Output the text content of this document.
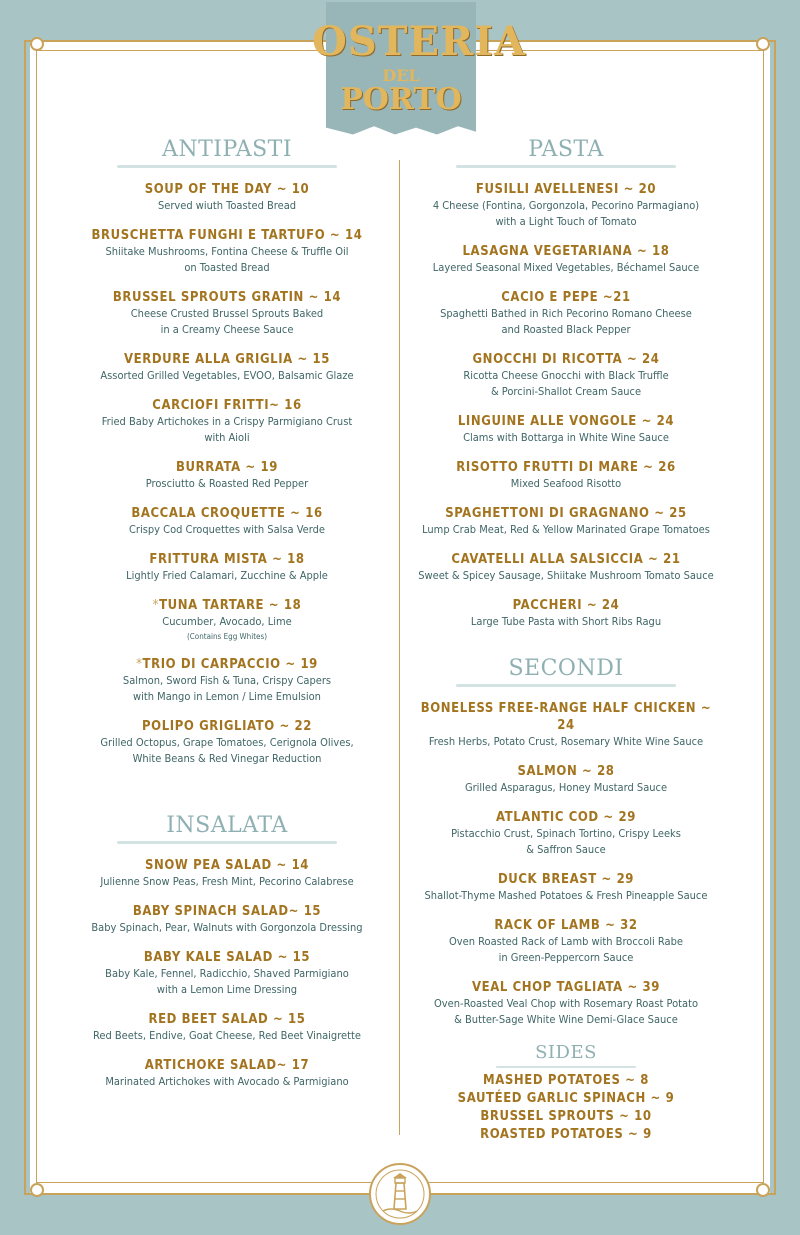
OSTERIA
DEL
PORTO
ANTIPASTI
SOUP OF THE DAY ~ 10
Served wiuth Toasted Bread
BRUSCHETTA FUNGHI E TARTUFO ~ 14
Shiitake Mushrooms, Fontina Cheese & Truffle Oil
on Toasted Bread
BRUSSEL SPROUTS GRATIN ~ 14
Cheese Crusted Brussel Sprouts Baked
in a Creamy Cheese Sauce
VERDURE ALLA GRIGLIA ~ 15
Assorted Grilled Vegetables, EVOO, Balsamic Glaze
CARCIOFI FRITTI~ 16
Fried Baby Artichokes in a Crispy Parmigiano Crust
with Aioli
BURRATA ~ 19
Prosciutto & Roasted Red Pepper
BACCALA CROQUETTE ~ 16
Crispy Cod Croquettes with Salsa Verde
FRITTURA MISTA ~ 18
Lightly Fried Calamari, Zucchine & Apple
*TUNA TARTARE ~ 18
Cucumber, Avocado, Lime
(Contains Egg Whites)
*TRIO DI CARPACCIO ~ 19
Salmon, Sword Fish & Tuna, Crispy Capers
with Mango in Lemon / Lime Emulsion
POLIPO GRIGLIATO ~ 22
Grilled Octopus, Grape Tomatoes, Cerignola Olives,
White Beans & Red Vinegar Reduction
INSALATA
SNOW PEA SALAD ~ 14
Julienne Snow Peas, Fresh Mint, Pecorino Calabrese
BABY SPINACH SALAD~ 15
Baby Spinach, Pear, Walnuts with Gorgonzola Dressing
BABY KALE SALAD ~ 15
Baby Kale, Fennel, Radicchio, Shaved Parmigiano
with a Lemon Lime Dressing
RED BEET SALAD ~ 15
Red Beets, Endive, Goat Cheese, Red Beet Vinaigrette
ARTICHOKE SALAD~ 17
Marinated Artichokes with Avocado & Parmigiano
PASTA
FUSILLI AVELLENESI ~ 20
4 Cheese (Fontina, Gorgonzola, Pecorino Parmagiano)
with a Light Touch of Tomato
LASAGNA VEGETARIANA ~ 18
Layered Seasonal Mixed Vegetables, Béchamel Sauce
CACIO E PEPE ~21
Spaghetti Bathed in Rich Pecorino Romano Cheese
and Roasted Black Pepper
GNOCCHI DI RICOTTA ~ 24
Ricotta Cheese Gnocchi with Black Truffle
& Porcini-Shallot Cream Sauce
LINGUINE ALLE VONGOLE ~ 24
Clams with Bottarga in White Wine Sauce
RISOTTO FRUTTI DI MARE ~ 26
Mixed Seafood Risotto
SPAGHETTONI DI GRAGNANO ~ 25
Lump Crab Meat, Red & Yellow Marinated Grape Tomatoes
CAVATELLI ALLA SALSICCIA ~ 21
Sweet & Spicey Sausage, Shiitake Mushroom Tomato Sauce
PACCHERI ~ 24
Large Tube Pasta with Short Ribs Ragu
SECONDI
BONELESS FREE-RANGE HALF CHICKEN ~ 24
Fresh Herbs, Potato Crust, Rosemary White Wine Sauce
SALMON ~ 28
Grilled Asparagus, Honey Mustard Sauce
ATLANTIC COD ~ 29
Pistacchio Crust, Spinach Tortino, Crispy Leeks
& Saffron Sauce
DUCK BREAST ~ 29
Shallot-Thyme Mashed Potatoes & Fresh Pineapple Sauce
RACK OF LAMB ~ 32
Oven Roasted Rack of Lamb with Broccoli Rabe
in Green-Peppercorn Sauce
VEAL CHOP TAGLIATA ~ 39
Oven-Roasted Veal Chop with Rosemary Roast Potato
& Butter-Sage White Wine Demi-Glace Sauce
SIDES
MASHED POTATOES ~ 8
SAUTÉED GARLIC SPINACH ~ 9
BRUSSEL SPROUTS ~ 10
ROASTED POTATOES ~ 9
